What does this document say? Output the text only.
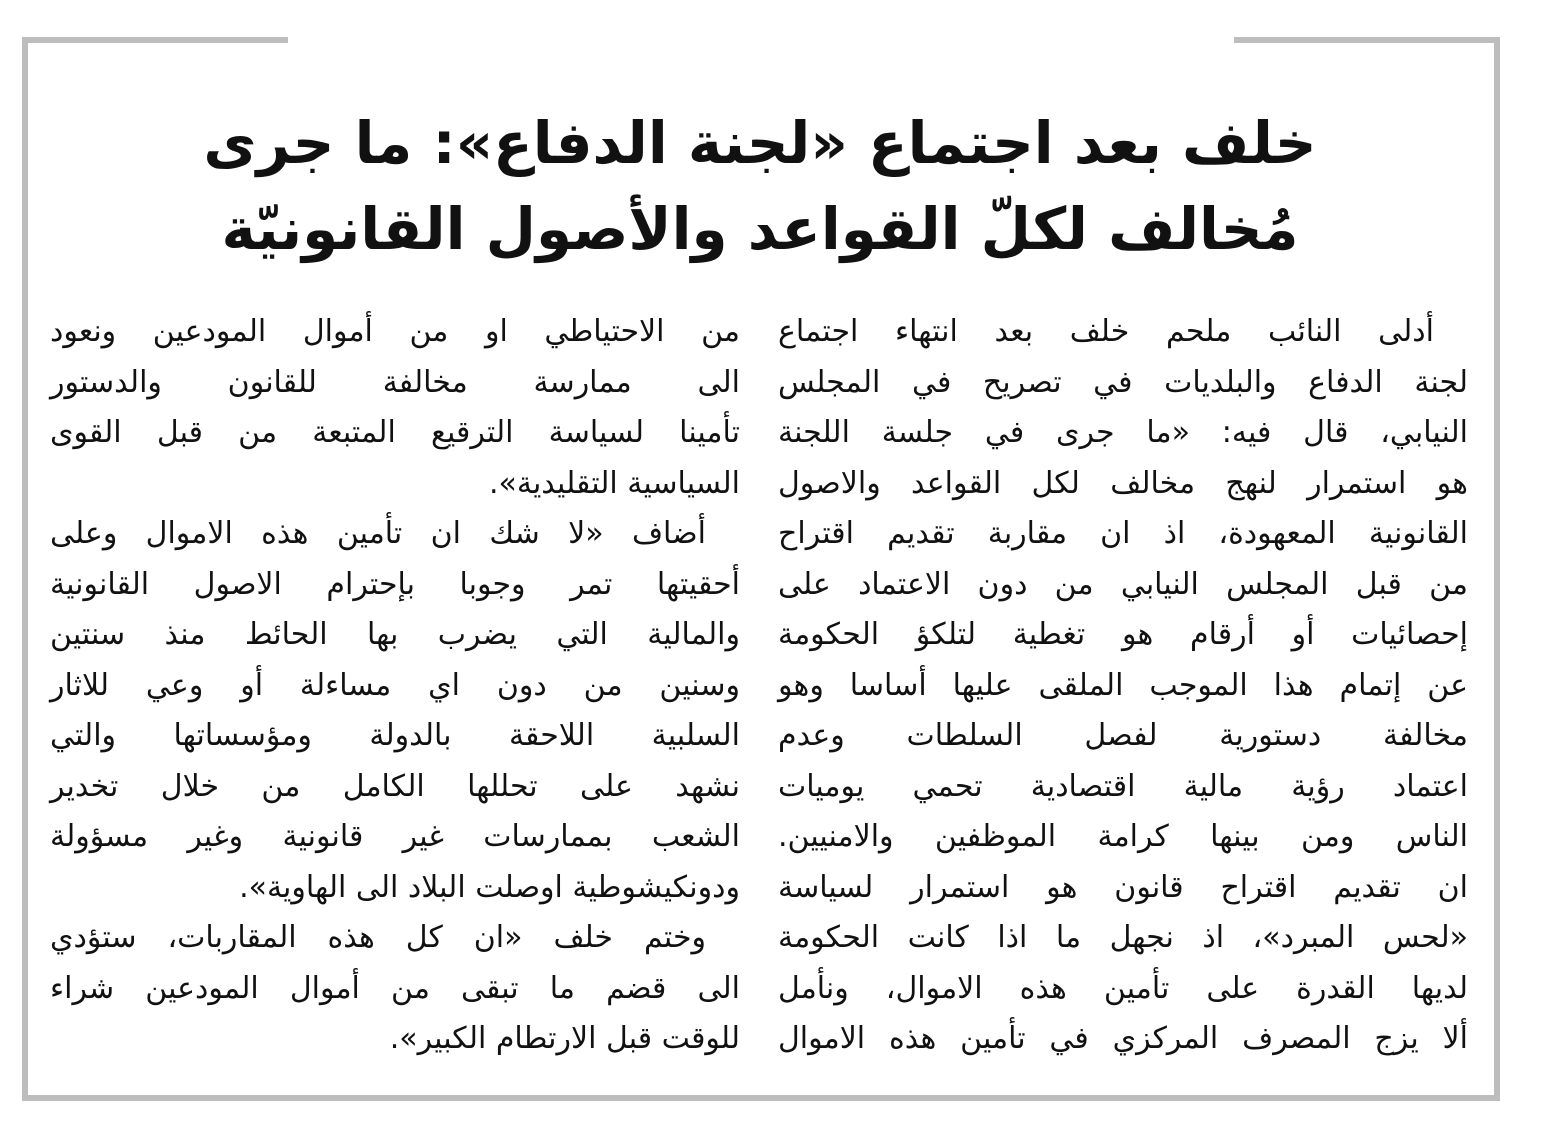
خلف بعد اجتماع «لجنة الدفاع»: ما جرى
مُخالف لكلّ القواعد والأصول القانونيّة
أدلى النائب ملحم خلف بعد انتهاء اجتماع
لجنة الدفاع والبلديات في تصريح في المجلس
النيابي، قال فيه: «ما جرى في جلسة اللجنة
هو استمرار لنهج مخالف لكل القواعد والاصول
القانونية المعهودة، اذ ان مقاربة تقديم اقتراح
من قبل المجلس النيابي من دون الاعتماد على
إحصائيات أو أرقام هو تغطية لتلكؤ الحكومة
عن إتمام هذا الموجب الملقى عليها أساسا وهو
مخالفة دستورية لفصل السلطات وعدم
اعتماد رؤية مالية اقتصادية تحمي يوميات
الناس ومن بينها كرامة الموظفين والامنيين.
ان تقديم اقتراح قانون هو استمرار لسياسة
«لحس المبرد»، اذ نجهل ما اذا كانت الحكومة
لديها القدرة على تأمين هذه الاموال، ونأمل
ألا يزج المصرف المركزي في تأمين هذه الاموال
من الاحتياطي او من أموال المودعين ونعود
الى ممارسة مخالفة للقانون والدستور
تأمينا لسياسة الترقيع المتبعة من قبل القوى
السياسية التقليدية».
أضاف «لا شك ان تأمين هذه الاموال وعلى
أحقيتها تمر وجوبا بإحترام الاصول القانونية
والمالية التي يضرب بها الحائط منذ سنتين
وسنين من دون اي مساءلة أو وعي للاثار
السلبية اللاحقة بالدولة ومؤسساتها والتي
نشهد على تحللها الكامل من خلال تخدير
الشعب بممارسات غير قانونية وغير مسؤولة
ودونكيشوطية اوصلت البلاد الى الهاوية».
وختم خلف «ان كل هذه المقاربات، ستؤدي
الى قضم ما تبقى من أموال المودعين شراء
للوقت قبل الارتطام الكبير».
